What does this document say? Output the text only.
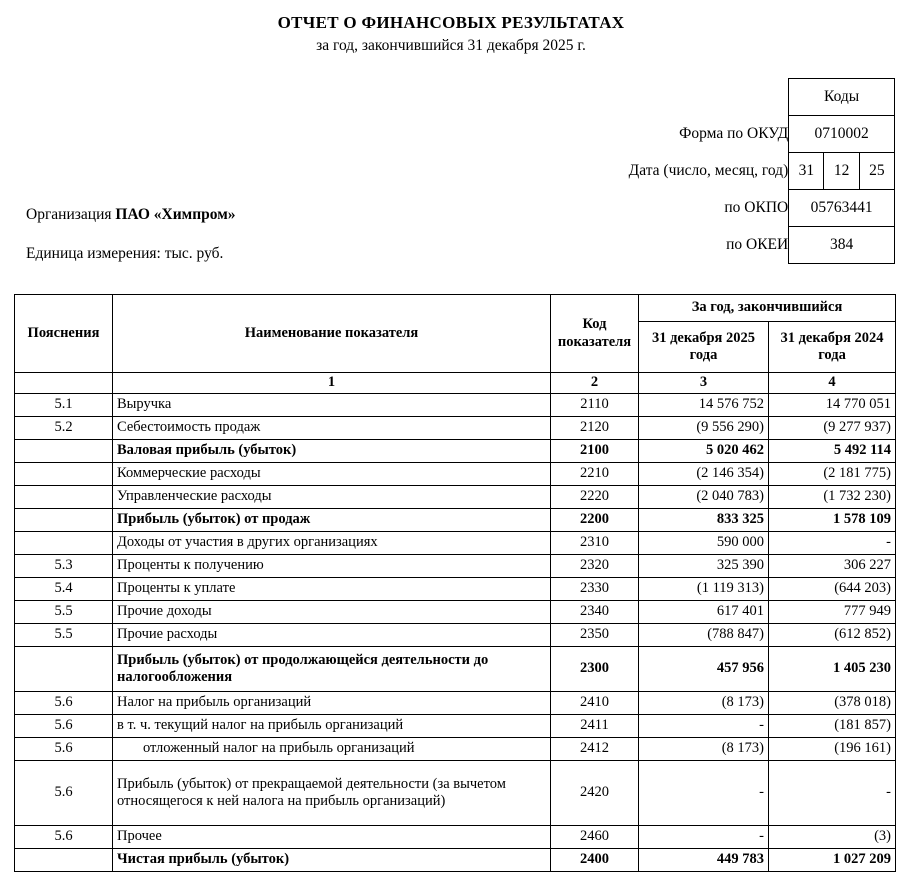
ОТЧЕТ О ФИНАНСОВЫХ РЕЗУЛЬТАТАХ
за год, закончившийся 31 декабря 2025 г.
	Коды		
Форма по ОКУД	0710002		
Дата (число, месяц, год)	31	12	25
по ОКПО	05763441		
по ОКЕИ	384		
Организация ПАО «Химпром»
Единица измерения: тыс. руб.
Пояснения	Наименование показателя	Код показателя	За год, закончившийся	
			31 декабря 2025 года	31 декабря 2024 года
	1	2	3	4
5.1	Выручка	2110	14 576 752	14 770 051
5.2	Себестоимость продаж	2120	(9 556 290)	(9 277 937)
	Валовая прибыль (убыток)	2100	5 020 462	5 492 114
	Коммерческие расходы	2210	(2 146 354)	(2 181 775)
	Управленческие расходы	2220	(2 040 783)	(1 732 230)
	Прибыль (убыток) от продаж	2200	833 325	1 578 109
	Доходы от участия в других организациях	2310	590 000	-
5.3	Проценты к получению	2320	325 390	306 227
5.4	Проценты к уплате	2330	(1 119 313)	(644 203)
5.5	Прочие доходы	2340	617 401	777 949
5.5	Прочие расходы	2350	(788 847)	(612 852)
	Прибыль (убыток) от продолжающейся деятельности до налогообложения	2300	457 956	1 405 230
5.6	Налог на прибыль организаций	2410	(8 173)	(378 018)
5.6	в т. ч. текущий налог на прибыль организаций	2411	-	(181 857)
5.6	отложенный налог на прибыль организаций	2412	(8 173)	(196 161)
5.6	Прибыль (убыток) от прекращаемой деятельности (за вычетом относящегося к ней налога на прибыль организаций)	2420	-	-
5.6	Прочее	2460	-	(3)
	Чистая прибыль (убыток)	2400	449 783	1 027 209
